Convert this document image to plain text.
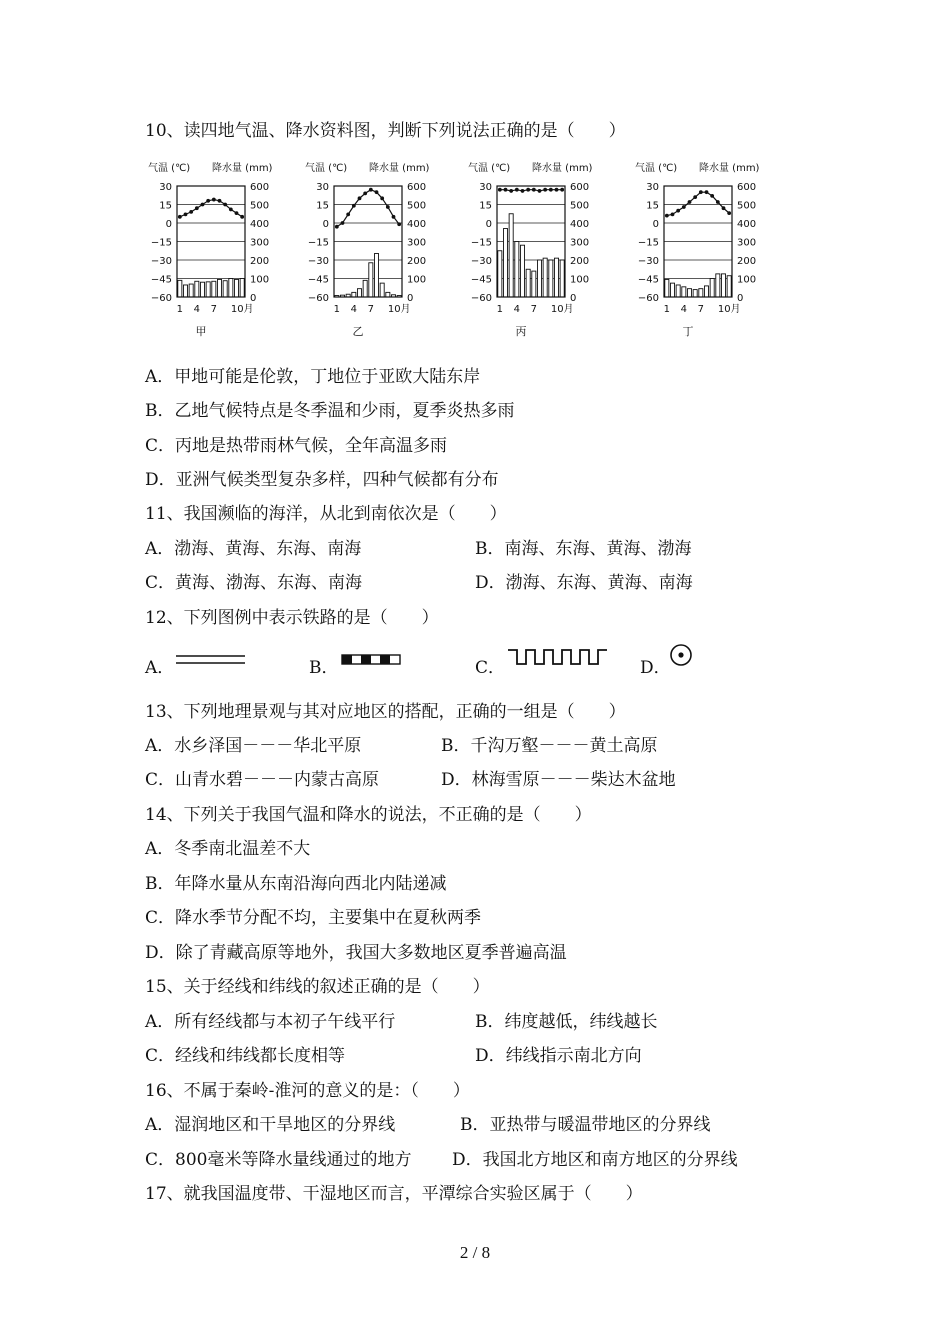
10、读四地气温、降水资料图，判断下列说法正确的是（　　）
气温 (℃) 降水量 (mm)
30	600
15	500
0	400
−15	300
−30	200
−45	100
−60	0
1 4 7 10月
甲
气温 (℃) 降水量 (mm)
30	600
15	500
0	400
−15	300
−30	200
−45	100
−60	0
1 4 7 10月
乙
气温 (℃) 降水量 (mm)
30	600
15	500
0	400
−15	300
−30	200
−45	100
−60	0
1 4 7 10月
丙
气温 (℃) 降水量 (mm)
30	600
15	500
0	400
−15	300
−30	200
−45	100
−60	0
1 4 7 10月
丁
A．甲地可能是伦敦，丁地位于亚欧大陆东岸
B．乙地气候特点是冬季温和少雨，夏季炎热多雨
C．丙地是热带雨林气候，全年高温多雨
D．亚洲气候类型复杂多样，四种气候都有分布
11、我国濒临的海洋，从北到南依次是（　　）
A．渤海、黄海、东海、南海	B．南海、东海、黄海、渤海
C．黄海、渤海、东海、南海	D．渤海、东海、黄海、南海
12、下列图例中表示铁路的是（　　）
A．	B．	C．	D．
13、下列地理景观与其对应地区的搭配，正确的一组是（　　）
A．水乡泽国－－－华北平原	B．千沟万壑－－－黄土高原
C．山青水碧－－－内蒙古高原	D．林海雪原－－－柴达木盆地
14、下列关于我国气温和降水的说法，不正确的是（　　）
A．冬季南北温差不大
B．年降水量从东南沿海向西北内陆递减
C．降水季节分配不均，主要集中在夏秋两季
D．除了青藏高原等地外，我国大多数地区夏季普遍高温
15、关于经线和纬线的叙述正确的是（　　）
A．所有经线都与本初子午线平行	B．纬度越低，纬线越长
C．经线和纬线都长度相等	D．纬线指示南北方向
16、不属于秦岭-淮河的意义的是：（　　）
A．湿润地区和干旱地区的分界线	B．亚热带与暖温带地区的分界线
C．800毫米等降水量线通过的地方 D．我国北方地区和南方地区的分界线
17、就我国温度带、干湿地区而言，平潭综合实验区属于（　　）
2 / 8
